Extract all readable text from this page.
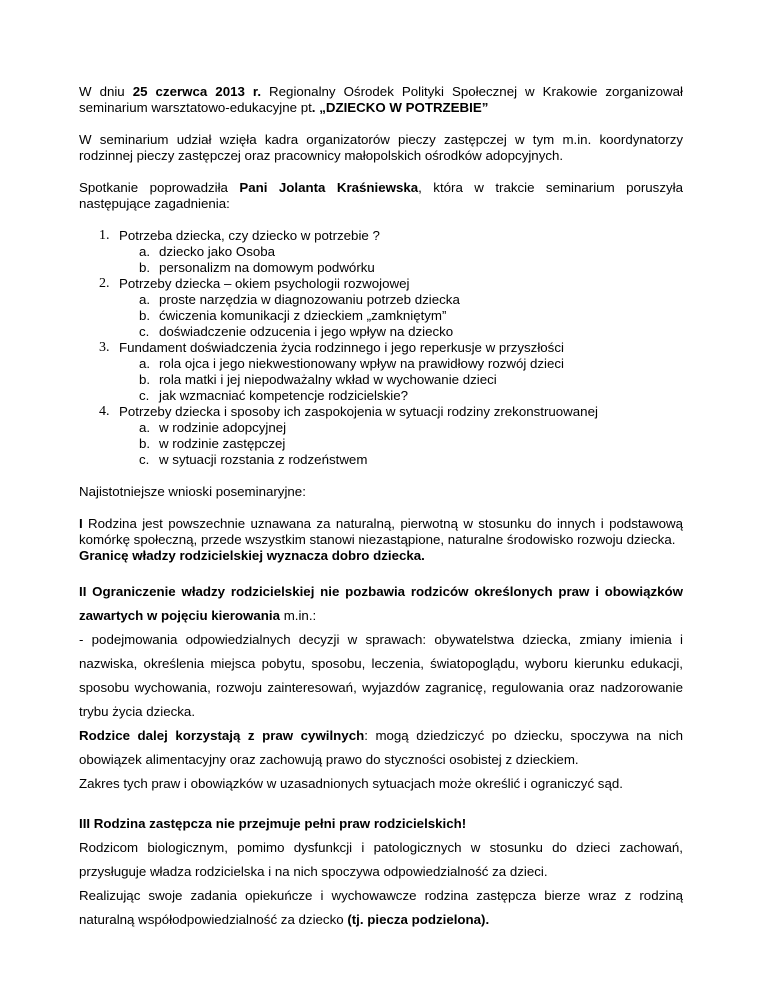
W dniu 25 czerwca 2013 r. Regionalny Ośrodek Polityki Społecznej w Krakowie zorganizował seminarium warsztatowo-edukacyjne pt. „DZIECKO W POTRZEBIE”

W seminarium udział wzięła kadra organizatorów pieczy zastępczej w tym m.in. koordynatorzy rodzinnej pieczy zastępczej oraz pracownicy małopolskich ośrodków adopcyjnych.

Spotkanie poprowadziła Pani Jolanta Kraśniewska, która w trakcie seminarium poruszyła następujące zagadnienia:

1. Potrzeba dziecka, czy dziecko w potrzebie ?
a. dziecko jako Osoba
b. personalizm na domowym podwórku
2. Potrzeby dziecka – okiem psychologii rozwojowej
a. proste narzędzia w diagnozowaniu potrzeb dziecka
b. ćwiczenia komunikacji z dzieckiem „zamkniętym”
c. doświadczenie odzucenia i jego wpływ na dziecko
3. Fundament doświadczenia życia rodzinnego i jego reperkusje w przyszłości
a. rola ojca i jego niekwestionowany wpływ na prawidłowy rozwój dzieci
b. rola matki i jej niepodważalny wkład w wychowanie dzieci
c. jak wzmacniać kompetencje rodzicielskie?
4. Potrzeby dziecka i sposoby ich zaspokojenia w sytuacji rodziny zrekonstruowanej
a. w rodzinie adopcyjnej
b. w rodzinie zastępczej
c. w sytuacji rozstania z rodzeństwem

Najistotniejsze wnioski poseminaryjne:

I Rodzina jest powszechnie uznawana za naturalną, pierwotną w stosunku do innych i podstawową komórkę społeczną, przede wszystkim stanowi niezastąpione, naturalne środowisko rozwoju dziecka.

Granicę władzy rodzicielskiej wyznacza dobro dziecka.

II Ograniczenie władzy rodzicielskiej nie pozbawia rodziców określonych praw i obowiązków zawartych w pojęciu kierowania m.in.:

- podejmowania odpowiedzialnych decyzji w sprawach: obywatelstwa dziecka, zmiany imienia i nazwiska, określenia miejsca pobytu, sposobu, leczenia, światopoglądu, wyboru kierunku edukacji, sposobu wychowania, rozwoju zainteresowań, wyjazdów zagranicę, regulowania oraz nadzorowanie trybu życia dziecka.

Rodzice dalej korzystają z praw cywilnych: mogą dziedziczyć po dziecku, spoczywa na nich obowiązek alimentacyjny oraz zachowują prawo do styczności osobistej z dzieckiem.

Zakres tych praw i obowiązków w uzasadnionych sytuacjach może określić i ograniczyć sąd.

III Rodzina zastępcza nie przejmuje pełni praw rodzicielskich!

Rodzicom biologicznym, pomimo dysfunkcji i patologicznych w stosunku do dzieci zachowań, przysługuje władza rodzicielska i na nich spoczywa odpowiedzialność za dzieci.

Realizując swoje zadania opiekuńcze i wychowawcze rodzina zastępcza bierze wraz z rodziną naturalną współodpowiedzialność za dziecko (tj. piecza podzielona).
